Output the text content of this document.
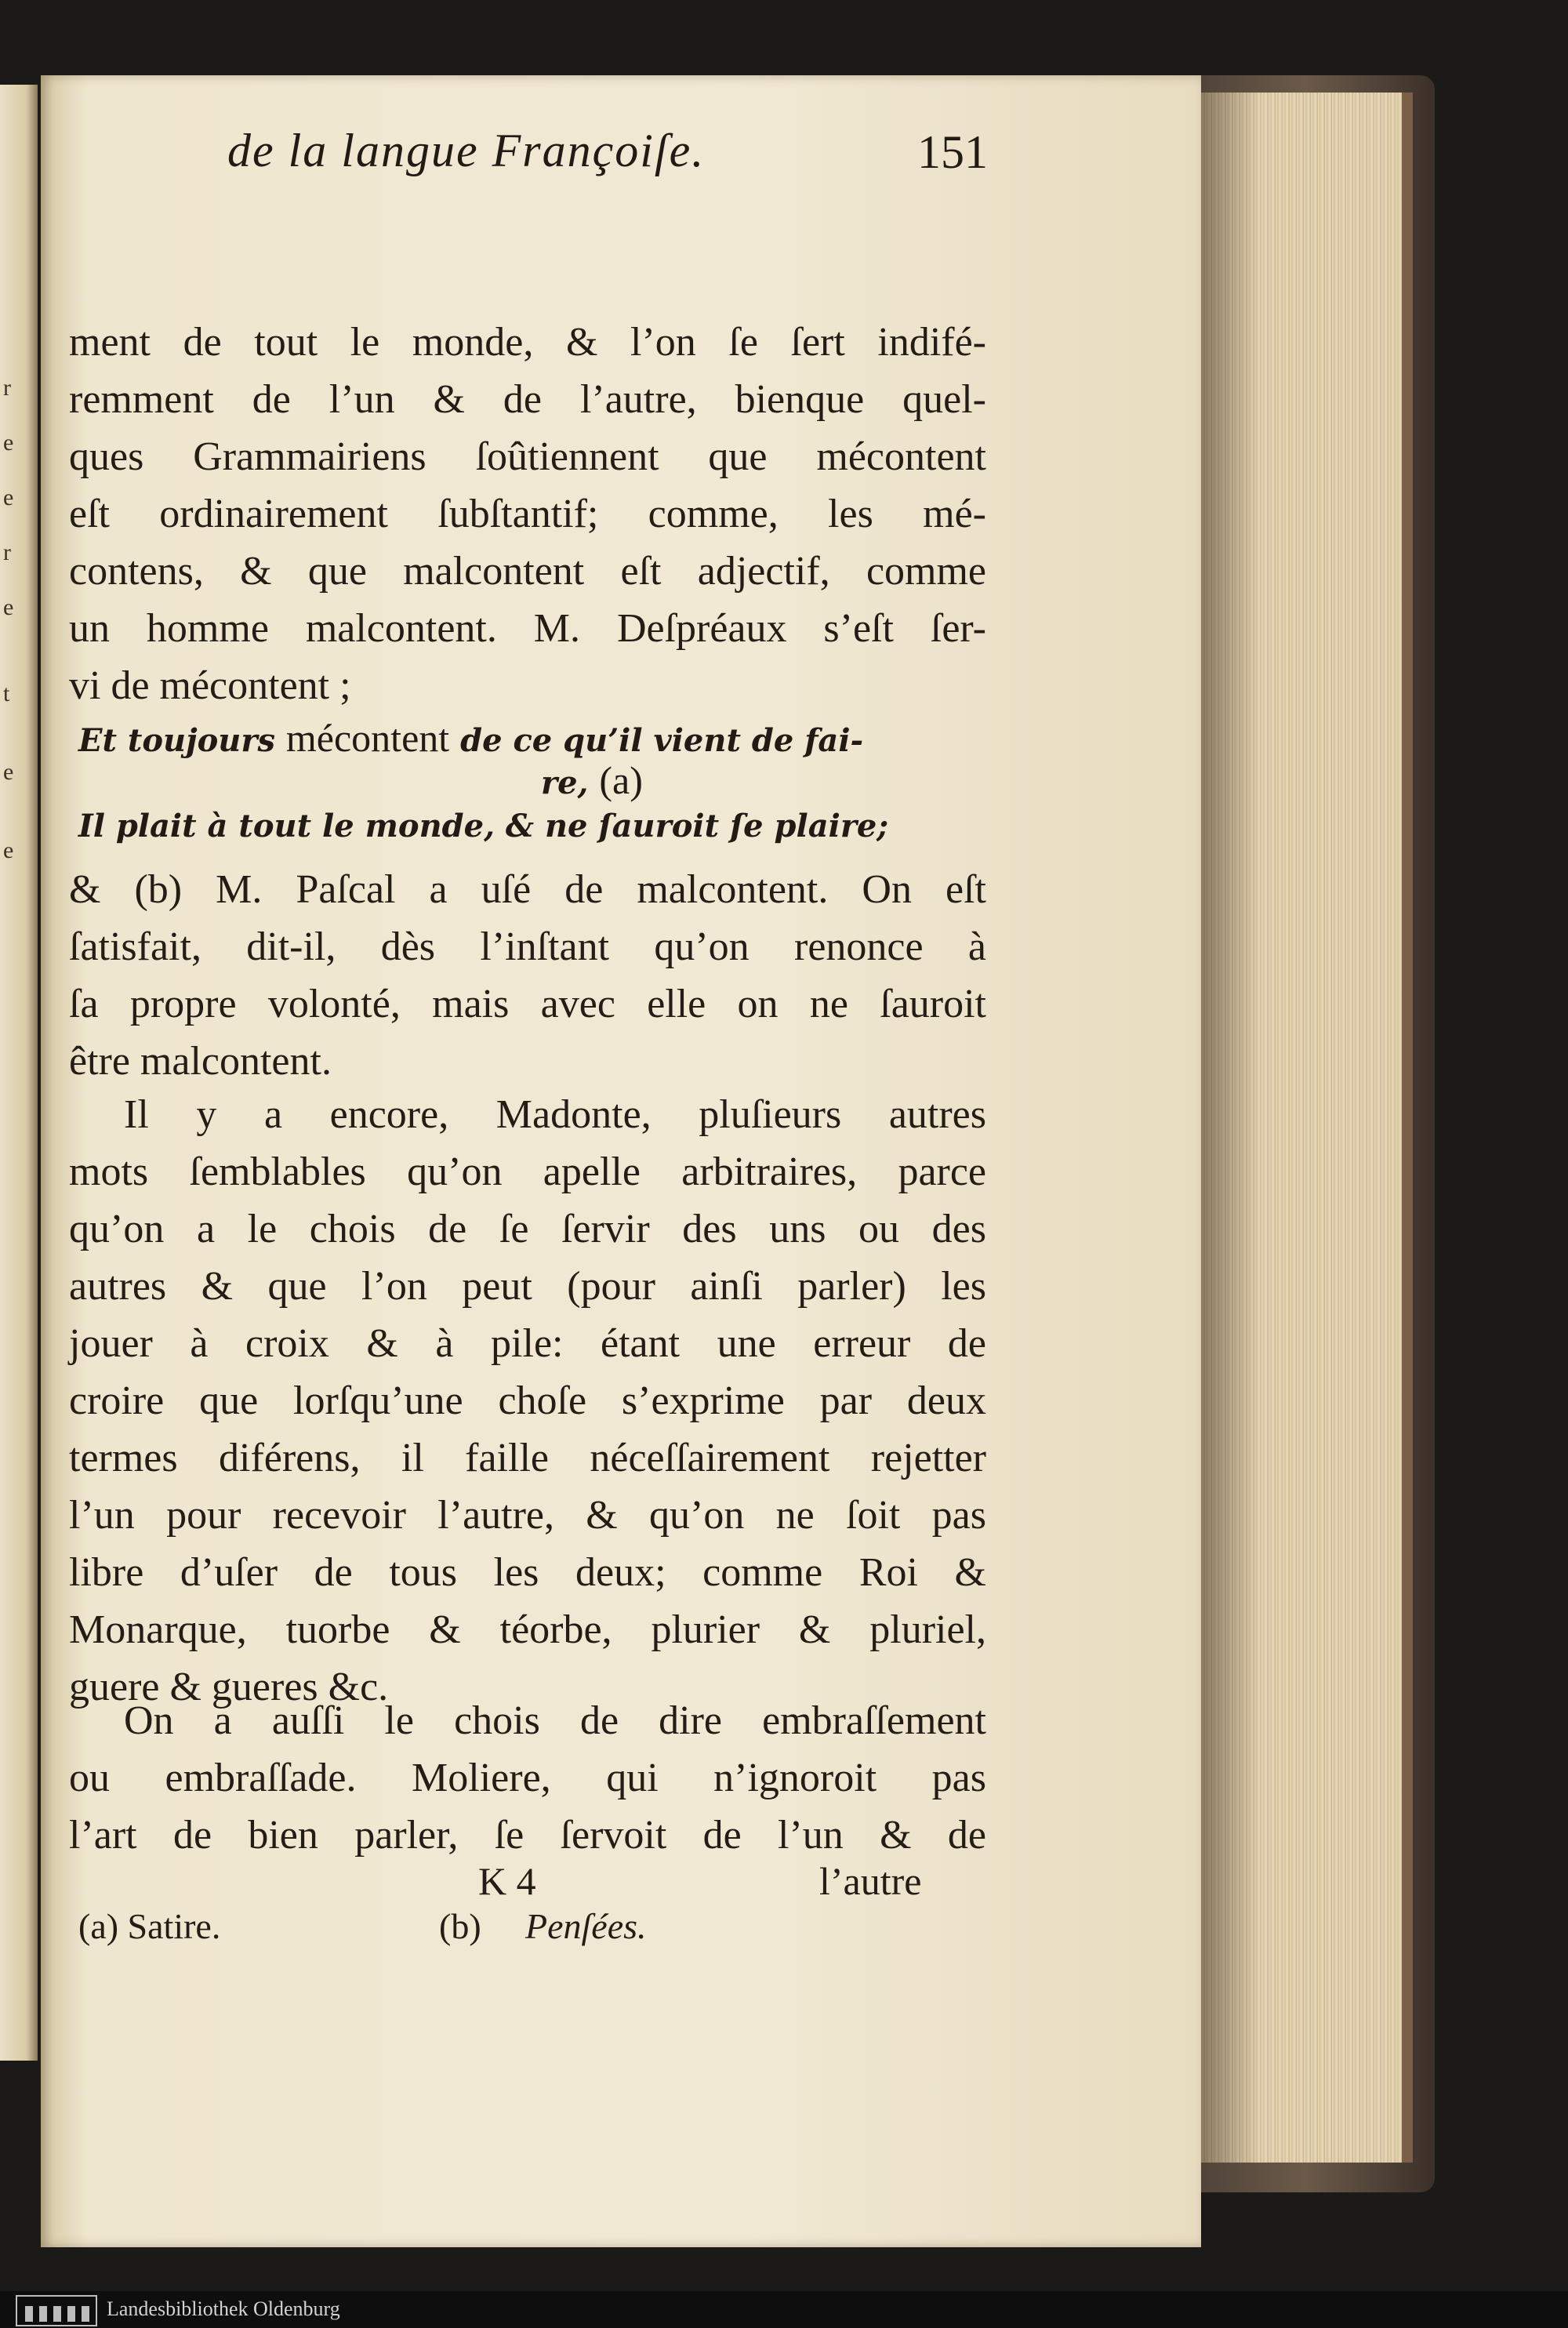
r
e
e
r
e
t
e
e
de la langue Françoiſe.	151
ment de tout le monde, & l’on ſe ſert indifé-
remment de l’un & de l’autre, bienque quel-
ques Grammairiens ſoûtiennent que mécontent
eſt ordinairement ſubſtantif; comme, les mé-
contens, & que malcontent eſt adjectif, comme
un homme malcontent. M. Deſpréaux s’eſt ſer-
vi de mécontent ;
Et toujours mécontent de ce qu’il vient de fai-
re, (a)
Il plait à tout le monde, & ne ſauroit ſe plaire;
& (b) M. Paſcal a uſé de malcontent. On eſt
ſatisfait, dit-il, dès l’inſtant qu’on renonce à
ſa propre volonté, mais avec elle on ne ſauroit
être malcontent.
Il y a encore, Madonte, pluſieurs autres
mots ſemblables qu’on apelle arbitraires, parce
qu’on a le chois de ſe ſervir des uns ou des
autres & que l’on peut (pour ainſi parler) les
jouer à croix & à pile: étant une erreur de
croire que lorſqu’une choſe s’exprime par deux
termes diférens, il faille néceſſairement rejetter
l’un pour recevoir l’autre, & qu’on ne ſoit pas
libre d’uſer de tous les deux; comme Roi &
Monarque, tuorbe & téorbe, plurier & pluriel,
guere & gueres &c.
On a auſſi le chois de dire embraſſement
ou embraſſade. Moliere, qui n’ignoroit pas
l’art de bien parler, ſe ſervoit de l’un & de
K 4	l’autre
(a) Satire.	(b) Penſées.
Landesbibliothek Oldenburg
